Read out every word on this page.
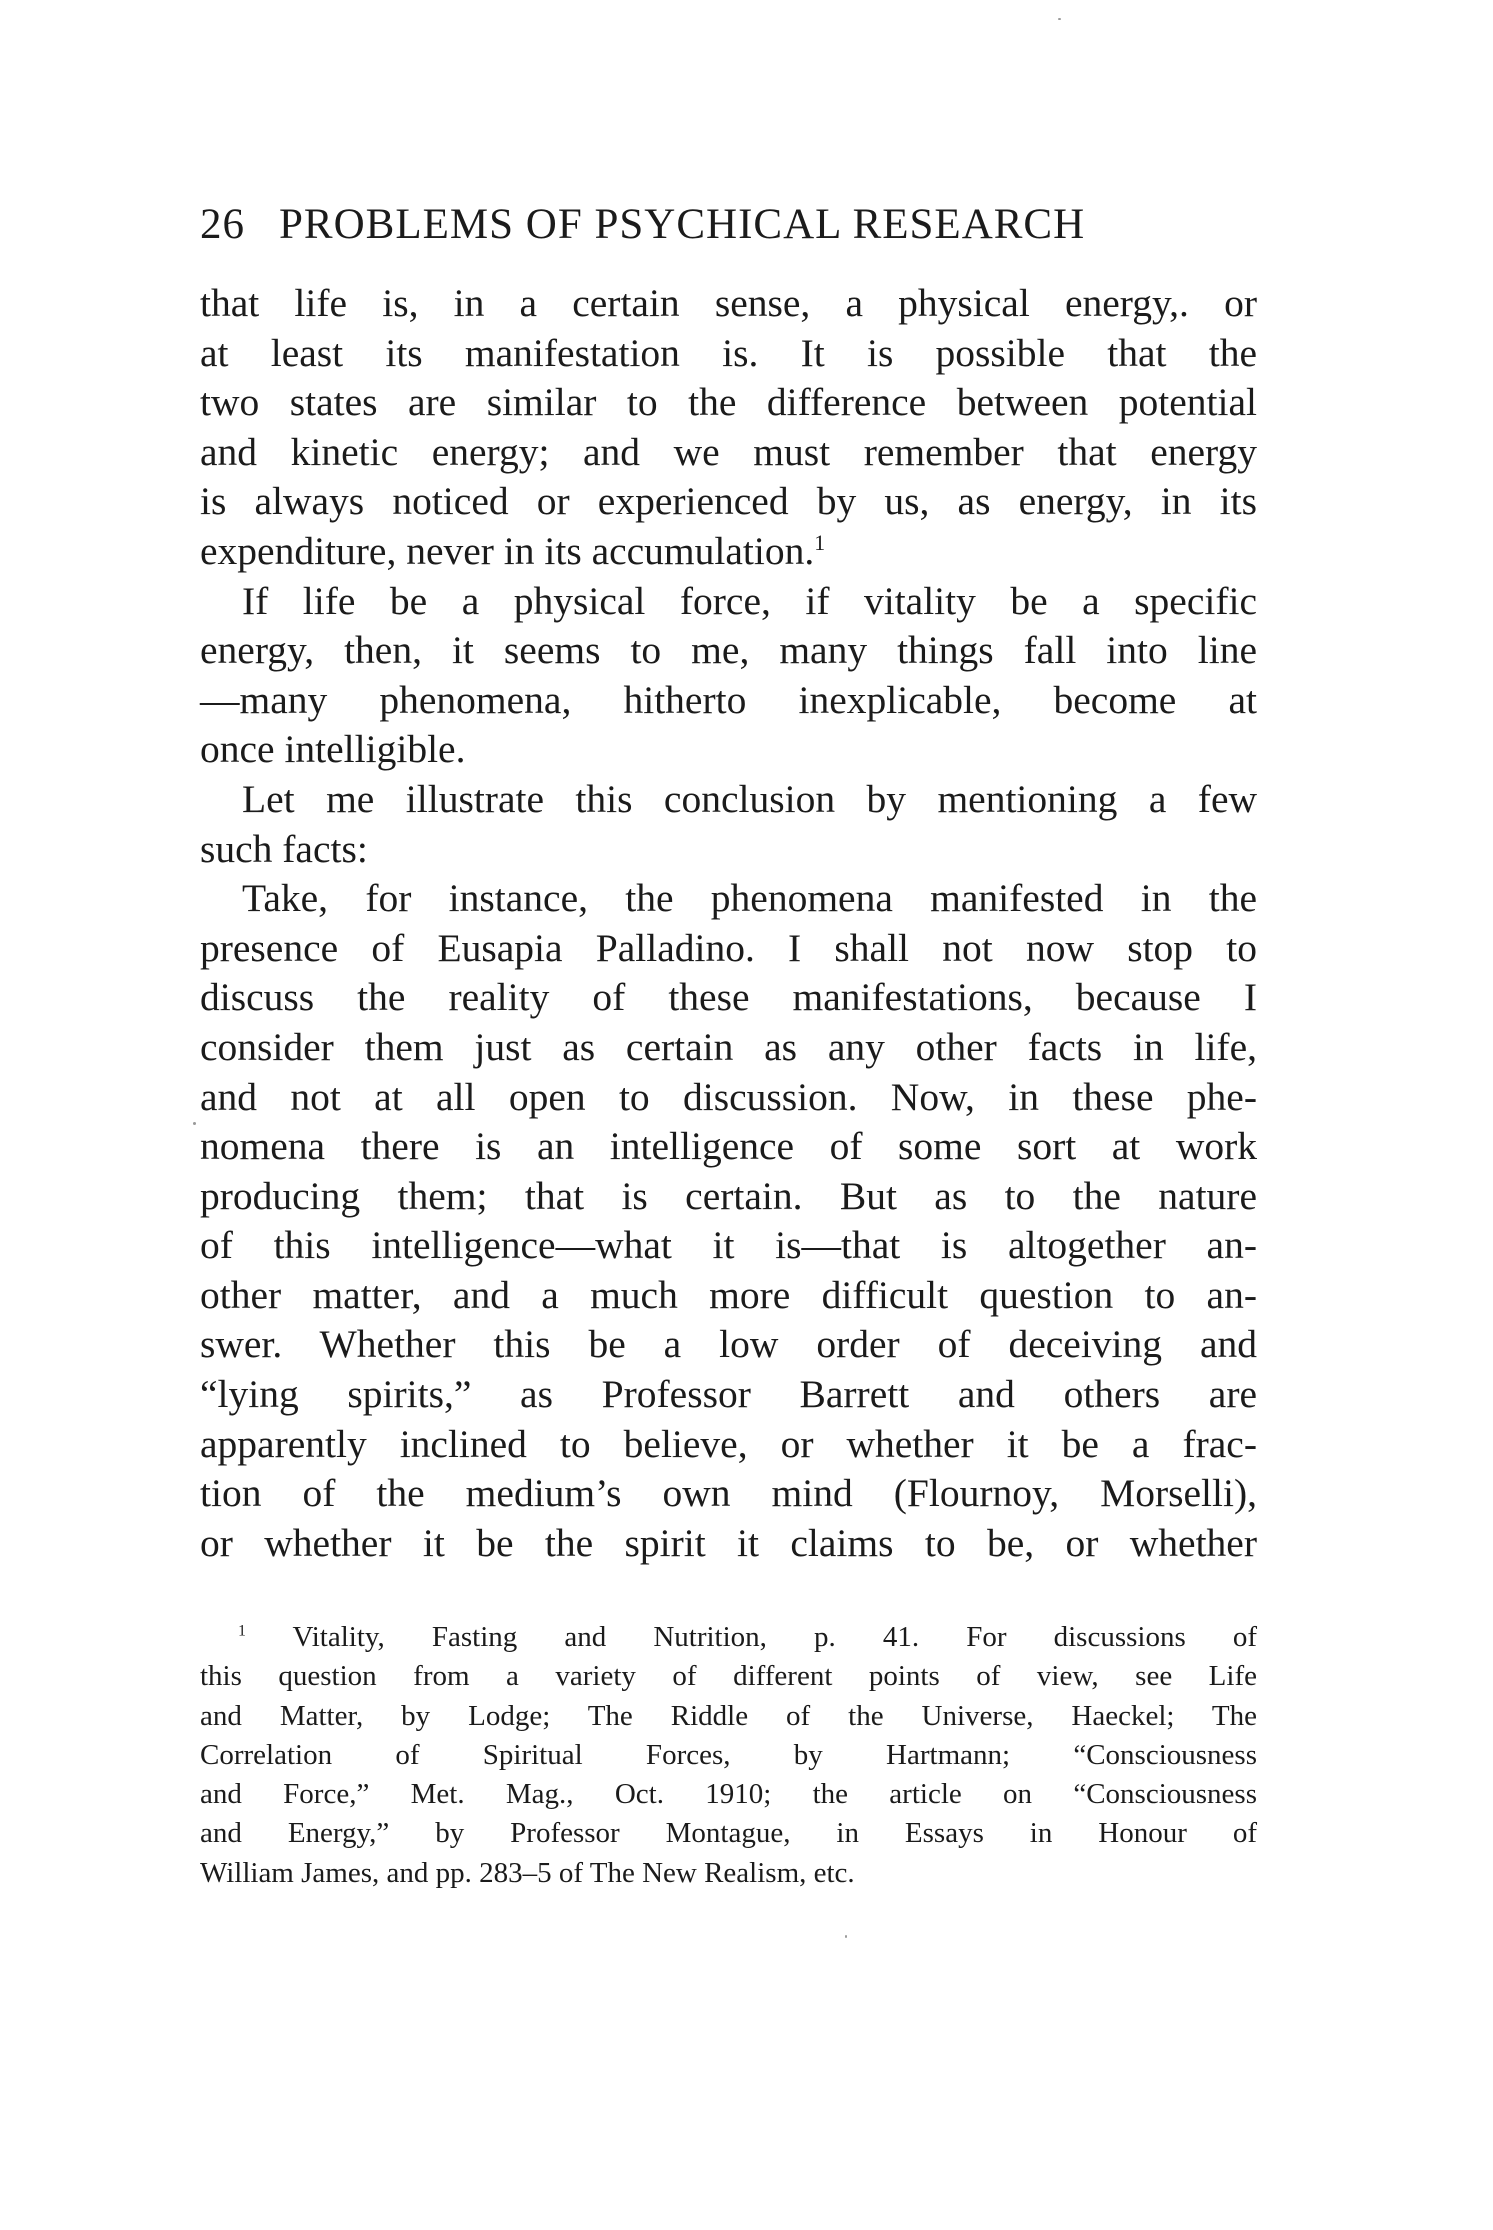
26 PROBLEMS OF PSYCHICAL RESEARCH
that life is, in a certain sense, a physical energy,. or
at least its manifestation is. It is possible that the
two states are similar to the difference between potential
and kinetic energy; and we must remember that energy
is always noticed or experienced by us, as energy, in its
expenditure, never in its accumulation.$^1$
If life be a physical force, if vitality be a specific
energy, then, it seems to me, many things fall into line
—many phenomena, hitherto inexplicable, become at
once intelligible.
Let me illustrate this conclusion by mentioning a few
such facts:
Take, for instance, the phenomena manifested in the
presence of Eusapia Palladino. I shall not now stop to
discuss the reality of these manifestations, because I
consider them just as certain as any other facts in life,
and not at all open to discussion. Now, in these phe-
nomena there is an intelligence of some sort at work
producing them; that is certain. But as to the nature
of this intelligence—what it is—that is altogether an-
other matter, and a much more difficult question to an-
swer. Whether this be a low order of deceiving and
“lying spirits,” as Professor Barrett and others are
apparently inclined to believe, or whether it be a frac-
tion of the medium’s own mind (Flournoy, Morselli),
or whether it be the spirit it claims to be, or whether
$^1$ Vitality, Fasting and Nutrition, p. 41. For discussions of
this question from a variety of different points of view, see Life
and Matter, by Lodge; The Riddle of the Universe, Haeckel; The
Correlation of Spiritual Forces, by Hartmann; “Consciousness
and Force,” Met. Mag., Oct. 1910; the article on “Consciousness
and Energy,” by Professor Montague, in Essays in Honour of
William James, and pp. 283–5 of The New Realism, etc.
